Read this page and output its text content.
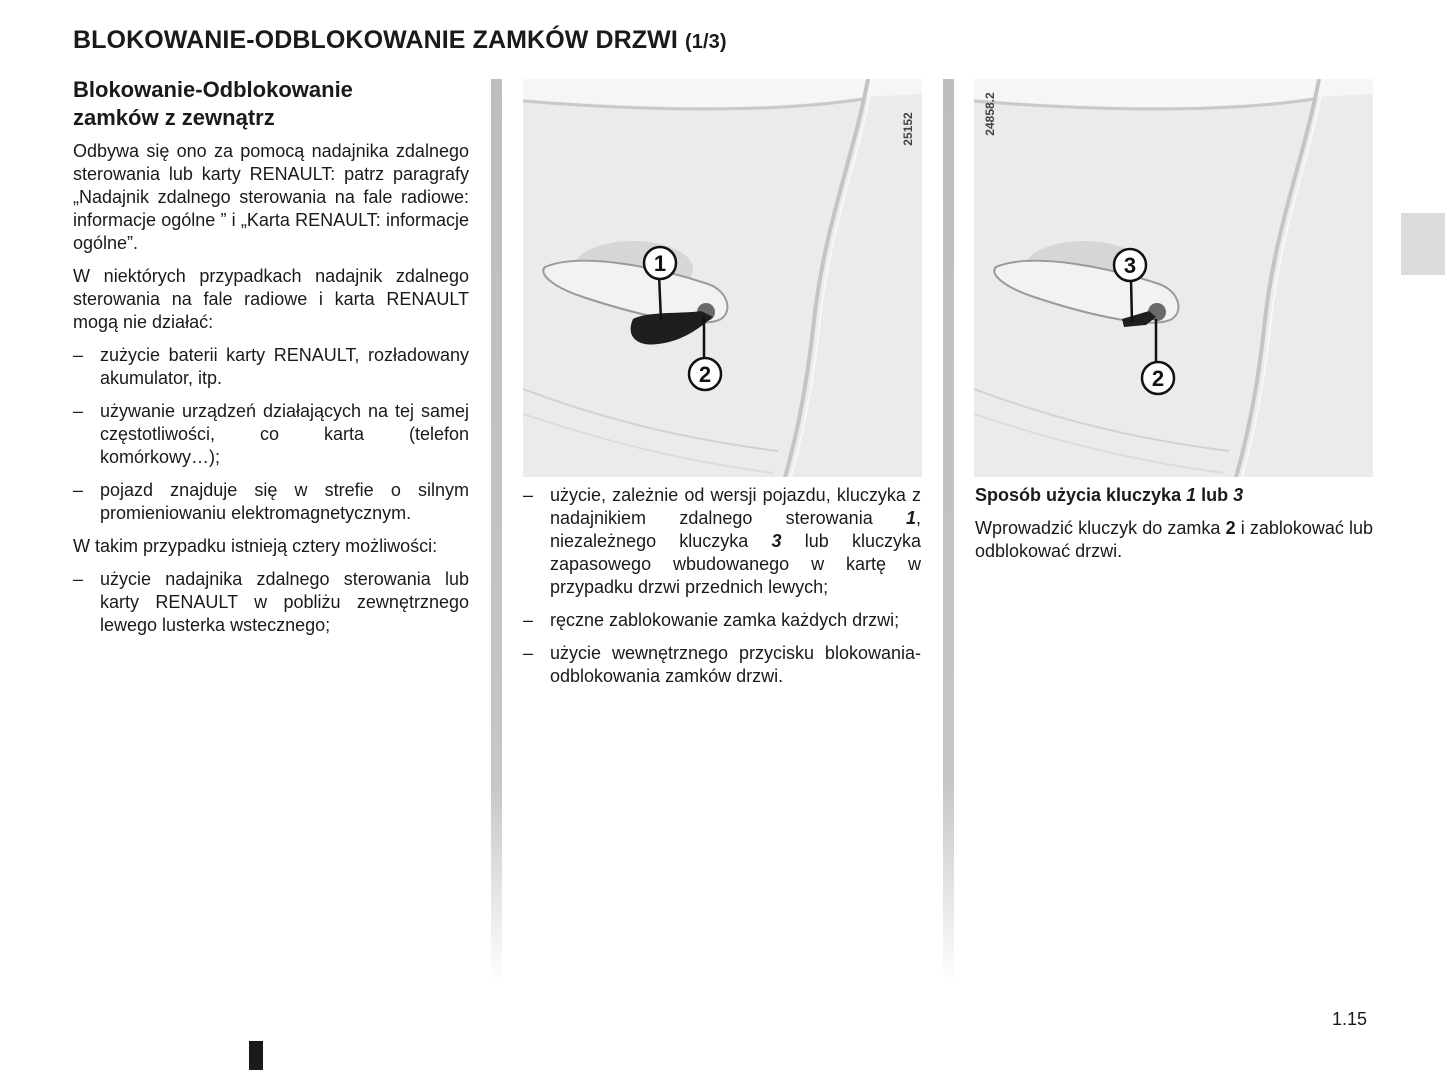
BLOKOWANIE-ODBLOKOWANIE ZAMKÓW DRZWI (1/3)
Blokowanie-Odblokowanie
zamków z zewnątrz

Odbywa się ono za pomocą nadajnika zdalnego sterowania lub karty RENAULT: patrz paragrafy „Nadajnik zdalnego sterowania na fale radiowe: informacje ogólne ” i „Karta RENAULT: informacje ogólne”.

W niektórych przypadkach nadajnik zdalnego sterowania na fale radiowe i karta RENAULT mogą nie działać:

– zużycie baterii karty RENAULT, rozładowany akumulator, itp.
– używanie urządzeń działających na tej samej częstotliwości, co karta (telefon komórkowy…);
– pojazd znajduje się w strefie o silnym promieniowaniu elektromagnetycznym.

W takim przypadku istnieją cztery możliwości:

– użycie nadajnika zdalnego sterowania lub karty RENAULT w pobliżu zewnętrznego lewego lusterka wstecznego;
1
2
25152
3
2
24858.2
– użycie, zależnie od wersji pojazdu, kluczyka z nadajnikiem zdalnego sterowania 1, niezależnego kluczyka 3 lub kluczyka zapasowego wbudowanego w kartę w przypadku drzwi przednich lewych;
– ręczne zablokowanie zamka każdych drzwi;
– użycie wewnętrznego przycisku blokowania-odblokowania zamków drzwi.

Sposób użycia kluczyka 1 lub 3

Wprowadzić kluczyk do zamka 2 i zablokować lub odblokować drzwi.

1.15
